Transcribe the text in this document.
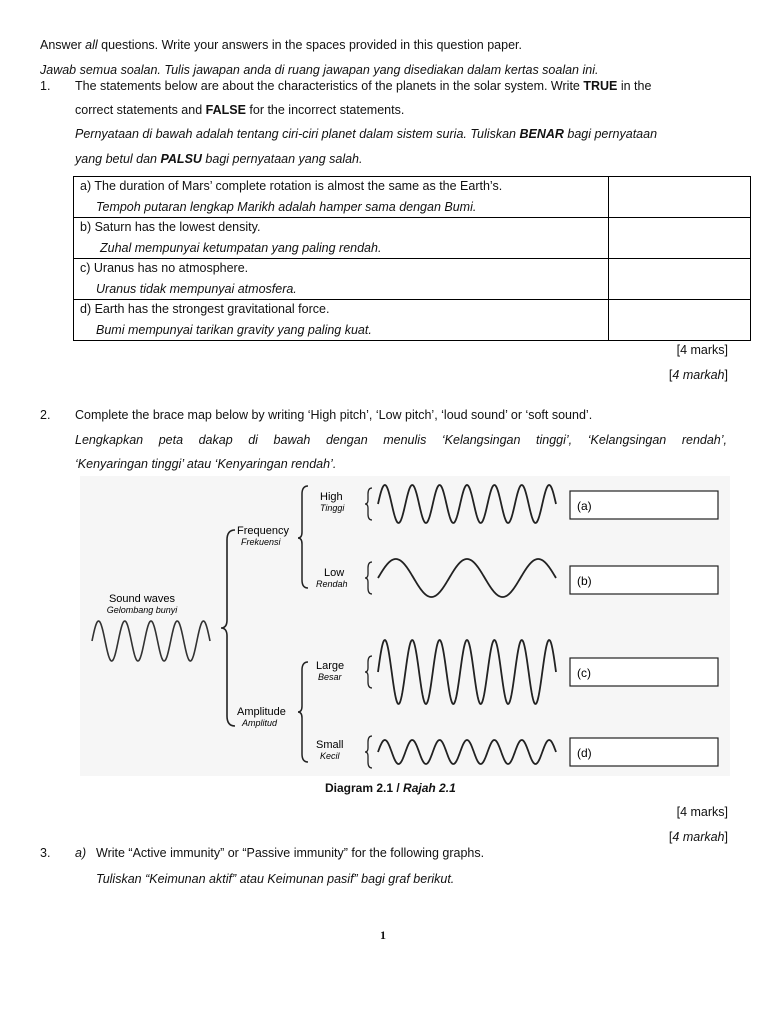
Answer all questions. Write your answers in the spaces provided in this question paper.
Jawab semua soalan. Tulis jawapan anda di ruang jawapan yang disediakan dalam kertas soalan ini.
1. The statements below are about the characteristics of the planets in the solar system. Write TRUE in the
correct statements and FALSE for the incorrect statements.
Pernyataan di bawah adalah tentang ciri-ciri planet dalam sistem suria. Tuliskan BENAR bagi pernyataan
yang betul dan PALSU bagi pernyataan yang salah.
a) The duration of Mars’ complete rotation is almost the same as the Earth’s.
Tempoh putaran lengkap Marikh adalah hamper sama dengan Bumi.	

b) Saturn has the lowest density.
Zuhal mempunyai ketumpatan yang paling rendah.	

c) Uranus has no atmosphere.
Uranus tidak mempunyai atmosfera.	

d) Earth has the strongest gravitational force.
Bumi mempunyai tarikan gravity yang paling kuat.	

[4 marks]
[4 markah]
2. Complete the brace map below by writing ‘High pitch’, ‘Low pitch’, ‘loud sound’ or ‘soft sound’.
Lengkapkan peta dakap di bawah dengan menulis ‘Kelangsingan tinggi’, ‘Kelangsingan rendah’,
‘Kenyaringan tinggi’ atau ‘Kenyaringan rendah’.
Sound waves
Gelombang bunyi
Frequency
Frekuensi
Amplitude
Amplitud
High
Tinggi	(a)
Low
Rendah	(b)
Large
Besar	(c)
Small
Kecil	(d)
Diagram 2.1 / Rajah 2.1
[4 marks]
[4 markah]
3. a) Write “Active immunity” or “Passive immunity” for the following graphs.
Tuliskan “Keimunan aktif” atau Keimunan pasif” bagi graf berikut.
1
